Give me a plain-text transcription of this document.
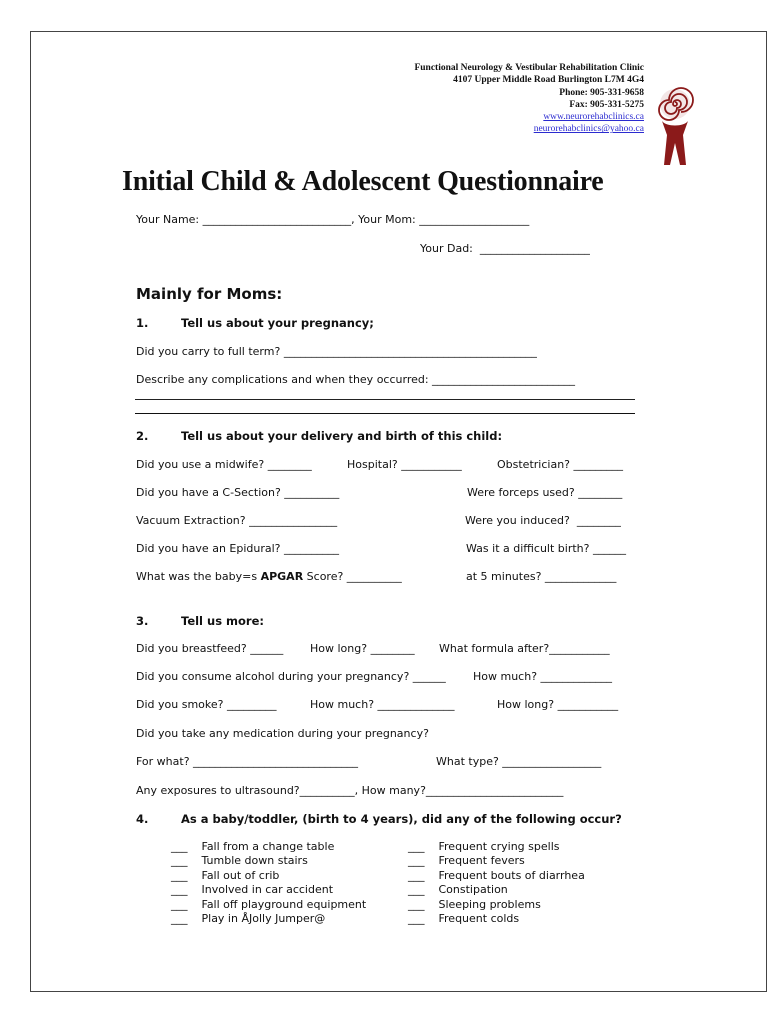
Functional Neurology & Vestibular Rehabilitation Clinic
4107 Upper Middle Road Burlington L7M 4G4
Phone: 905-331-9658
Fax: 905-331-5275
www.neurorehabclinics.ca
neurorehabclinics@yahoo.ca
Initial Child & Adolescent Questionnaire
Your Name: ___________________________, Your Mom: ____________________
Your Dad:  ____________________
Mainly for Moms:
1.	Tell us about your pregnancy;
Did you carry to full term? ______________________________________________
Describe any complications and when they occurred: __________________________
2.	Tell us about your delivery and birth of this child:
Did you use a midwife? ________	Hospital? ___________	Obstetrician? _________
Did you have a C-Section? __________	Were forceps used? ________
Vacuum Extraction? ________________	Were you induced?  ________
Did you have an Epidural? __________	Was it a difficult birth? ______
What was the baby=s APGAR Score? __________	at 5 minutes? _____________
3.	Tell us more:
Did you breastfeed? ______ How long? ________ What formula after?___________
Did you consume alcohol during your pregnancy? ______ How much? _____________
Did you smoke? _________	How much? ______________	How long? ___________
Did you take any medication during your pregnancy?
For what? ______________________________	What type? __________________
Any exposures to ultrasound?__________, How many?_________________________
4.	As a baby/toddler, (birth to 4 years), did any of the following occur?
___ Fall from a change table
___ Tumble down stairs
___ Fall out of crib
___ Involved in car accident
___ Fall off playground equipment
___ Play in ÅJolly Jumper@
___ Frequent crying spells
___ Frequent fevers
___ Frequent bouts of diarrhea
___ Constipation
___ Sleeping problems
___ Frequent colds
